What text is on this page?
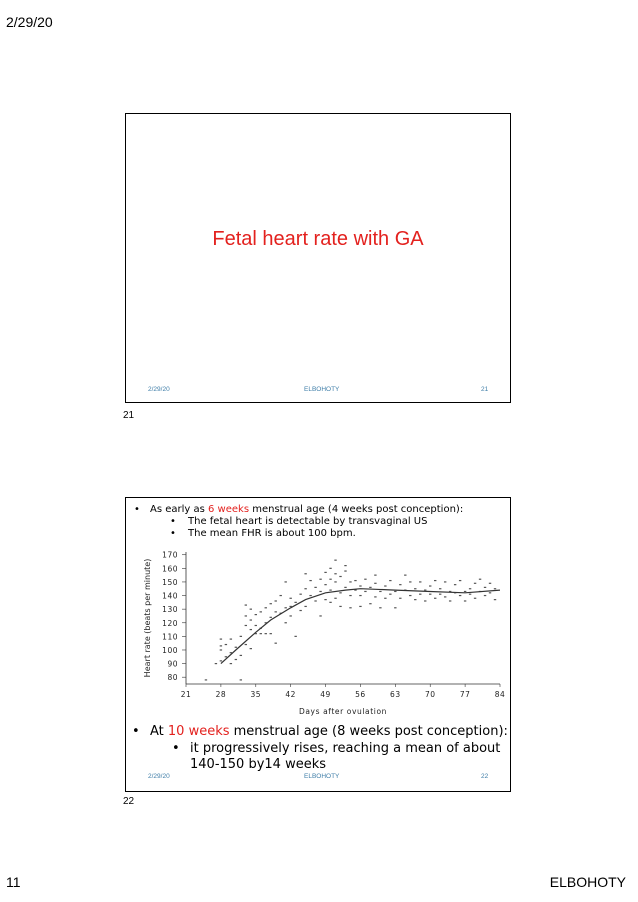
2/29/20
11	ELBOHOTY
Fetal heart rate with GA
2/29/20	ELBOHOTY	21
21
• As early as 6 weeks menstrual age (4 weeks post conception):
• The fetal heart is detectable by transvaginal US
• The mean FHR is about 100 bpm.
80
90
100
110
120
130
140
150
160
170
21	28	35	42	49	56	63	70	77	84
Days after ovulation
Heart rate (beats per minute)
• At 10 weeks menstrual age (8 weeks post conception):
• it progressively rises, reaching a mean of about
140-150 by14 weeks
2/29/20	ELBOHOTY	22
22
